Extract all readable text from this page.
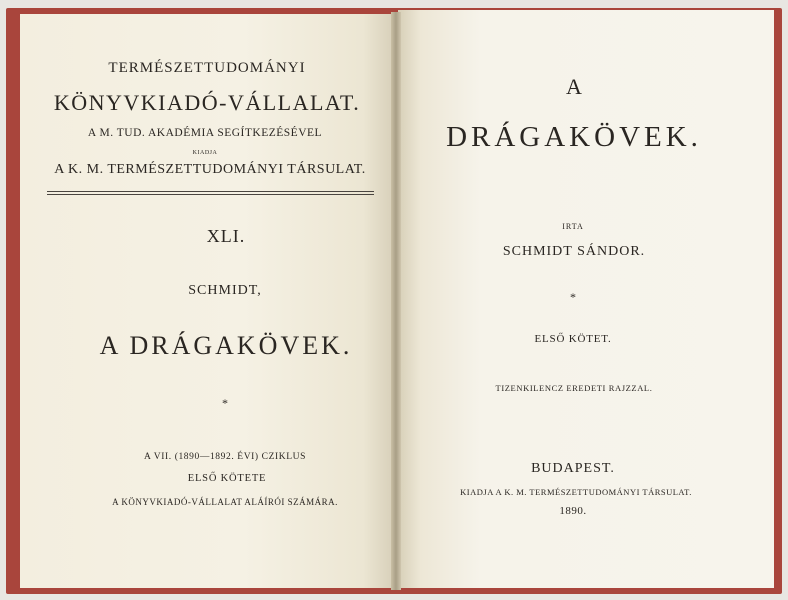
TERMÉSZETTUDOMÁNYI
KÖNYVKIADÓ-VÁLLALAT.
A M. TUD. AKADÉMIA SEGÍTKEZÉSÉVEL
KIADJA
A K. M. TERMÉSZETTUDOMÁNYI TÁRSULAT.
XLI.
SCHMIDT,
A DRÁGAKÖVEK.
*
A VII. (1890—1892. ÉVI) CZIKLUS
ELSŐ KÖTETE
A KÖNYVKIADÓ-VÁLLALAT ALÁÍRÓI SZÁMÁRA.
A
DRÁGAKÖVEK.
IRTA
SCHMIDT SÁNDOR.
*
ELSŐ KÖTET.
TIZENKILENCZ EREDETI RAJZZAL.
BUDAPEST.
KIADJA A K. M. TERMÉSZETTUDOMÁNYI TÁRSULAT.
1890.
